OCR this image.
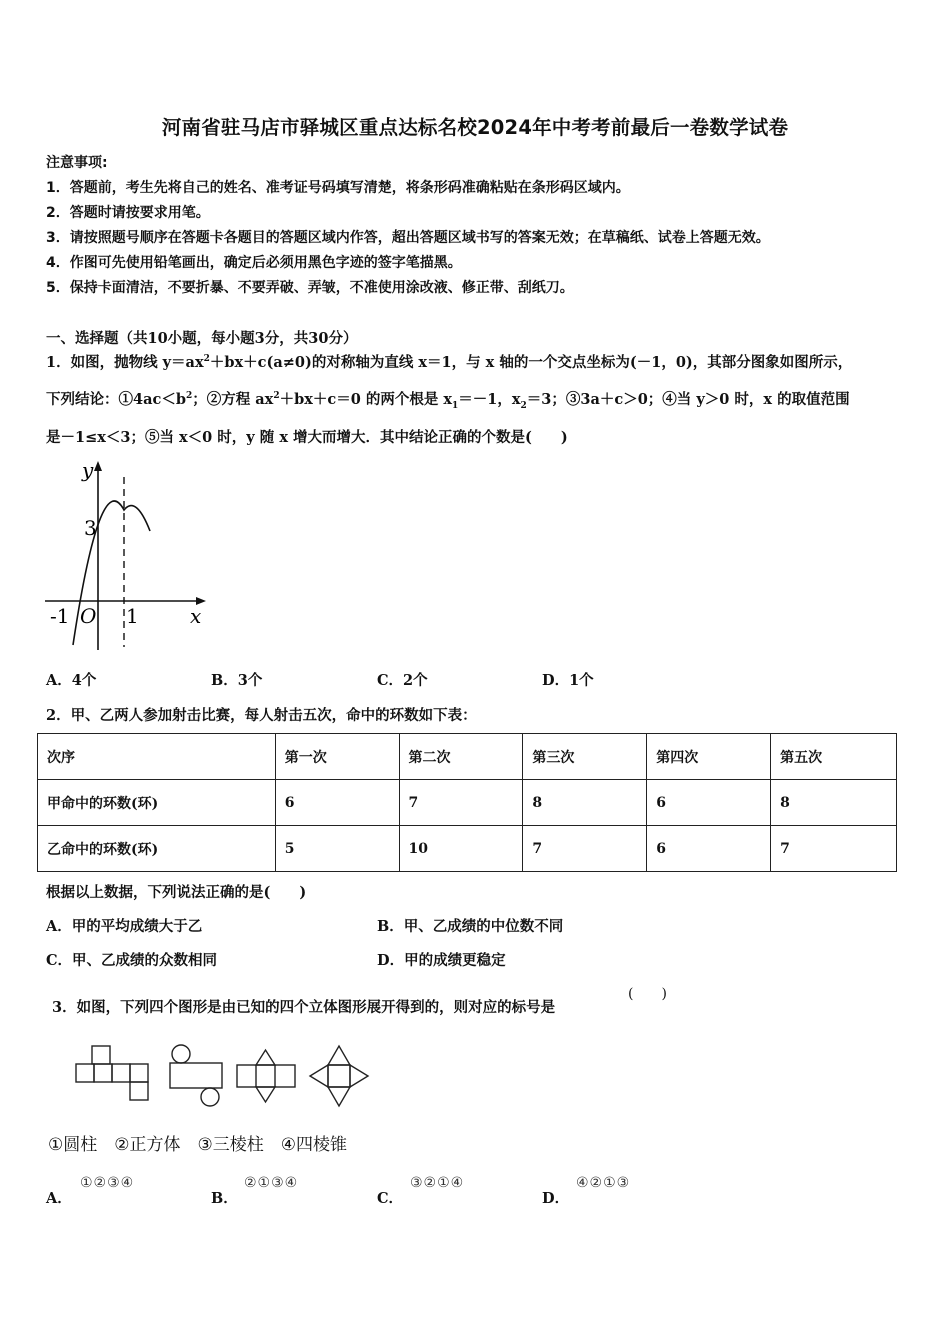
河南省驻马店市驿城区重点达标名校2024年中考考前最后一卷数学试卷
注意事项:
1．答题前，考生先将自己的姓名、准考证号码填写清楚，将条形码准确粘贴在条形码区域内。
2．答题时请按要求用笔。
3．请按照题号顺序在答题卡各题目的答题区域内作答，超出答题区域书写的答案无效；在草稿纸、试卷上答题无效。
4．作图可先使用铅笔画出，确定后必须用黑色字迹的签字笔描黑。
5．保持卡面清洁，不要折暴、不要弄破、弄皱，不准使用涂改液、修正带、刮纸刀。
一、选择题（共10小题，每小题3分，共30分）
1．如图，抛物线 $y=ax^2+bx+c(a\ne 0)$的对称轴为直线 x＝1，与 x 轴的一个交点坐标为(－1，0)，其部分图象如图所示，
下列结论：$①4ac<b^2$；②方程 $ax^2+bx+c=0$ 的两个根是 $x_1=-1$，$x_2=3$；③3a＋c＞0；④当 y＞0 时，x 的取值范围
是－1≤x＜3；⑤当 x＜0 时，y 随 x 增大而增大．其中结论正确的个数是(　　)
y
x
3
-1 O 1
A．4个	B．3个	C．2个	D．1个
2．甲、乙两人参加射击比赛，每人射击五次，命中的环数如下表：
次序	第一次	第二次	第三次	第四次	第五次
甲命中的环数(环)	6	7	8	6	8
乙命中的环数(环)	5	10	7	6	7
根据以上数据，下列说法正确的是(　　)
A．甲的平均成绩大于乙	B．甲、乙成绩的中位数不同
C．甲、乙成绩的众数相同	D．甲的成绩更稳定
3．如图，下列四个图形是由已知的四个立体图形展开得到的，则对应的标号是
(　　)
①圆柱　②正方体　③三棱柱　④四棱锥
A．
①②③④
B．
②①③④
C．
③②①④
D．
④②①③
